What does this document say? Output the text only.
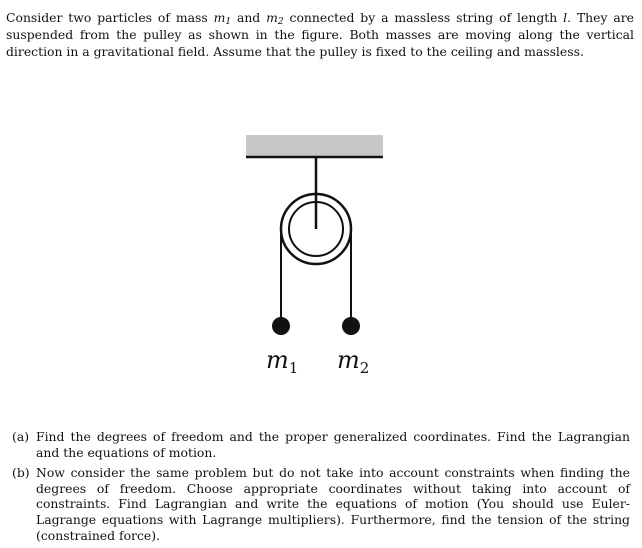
Consider two particles of mass $m_1$ and $m_2$ connected by a massless string of length l. They are suspended from the pulley as shown in the figure. Both masses are moving along the vertical direction in a gravitational field. Assume that the pulley is fixed to the ceiling and massless.

$m_1$ $m_2$
(a) Find the degrees of freedom and the proper generalized coordinates. Find the Lagrangian and the equations of motion.
(b) Now consider the same problem but do not take into account constraints when finding the degrees of freedom. Choose appropriate coordinates without taking into account of constraints. Find Lagrangian and write the equations of motion (You should use Euler-Lagrange equations with Lagrange multipliers). Furthermore, find the tension of the string (constrained force).
